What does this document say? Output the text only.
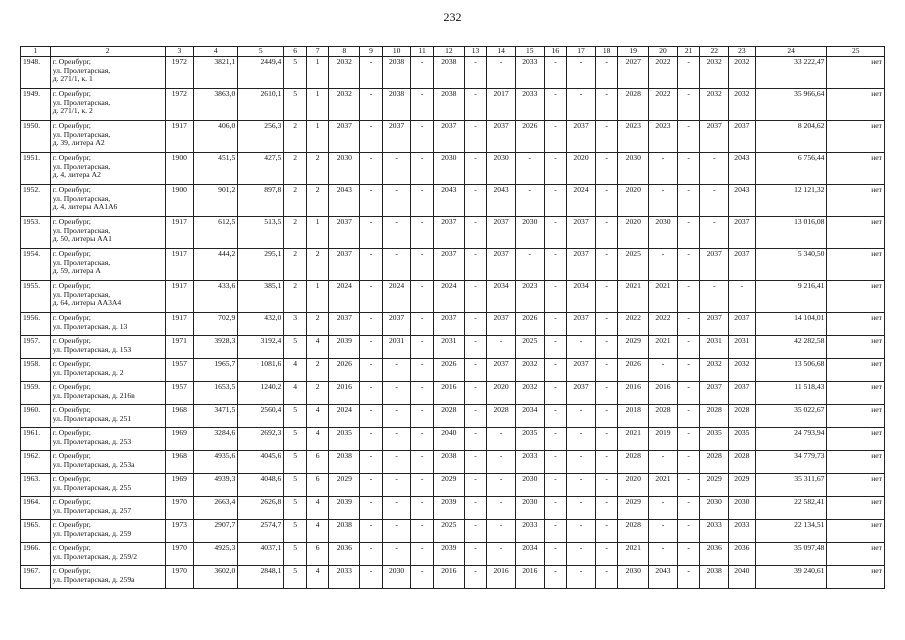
232
1	2	3	4	5	6	7	8	9	10	11	12	13	14	15	16	17	18	19	20	21	22	23	24	25
1948.	г. Оренбург,
ул. Пролетарская,
д. 271/1, к. 1	1972	3821,1	2449,4	5	1	2032	-	2038	-	2038	-	-	2033	-	-	-	2027	2022	-	2032	2032	33 222,47	нет
1949.	г. Оренбург,
ул. Пролетарская,
д. 271/1, к. 2	1972	3863,0	2610,1	5	1	2032	-	2038	-	2038	-	2017	2033	-	-	-	2028	2022	-	2032	2032	35 966,64	нет
1950.	г. Оренбург,
ул. Пролетарская,
д. 39, литера А2	1917	406,0	256,3	2	1	2037	-	2037	-	2037	-	2037	2026	-	2037	-	2023	2023	-	2037	2037	8 204,62	нет
1951.	г. Оренбург,
ул. Пролетарская,
д. 4, литера А2	1900	451,5	427,5	2	2	2030	-	-	-	2030	-	2030	-	-	2020	-	2030	-	-	-	2043	6 756,44	нет
1952.	г. Оренбург,
ул. Пролетарская,
д. 4, литеры АА1А6	1900	901,2	897,8	2	2	2043	-	-	-	2043	-	2043	-	-	2024	-	2020	-	-	-	2043	12 121,32	нет
1953.	г. Оренбург,
ул. Пролетарская,
д. 50, литеры АА1	1917	612,5	513,5	2	1	2037	-	-	-	2037	-	2037	2030	-	2037	-	2020	2030	-	-	2037	13 016,08	нет
1954.	г. Оренбург,
ул. Пролетарская,
д. 59, литера А	1917	444,2	295,1	2	2	2037	-	-	-	2037	-	2037	-	-	2037	-	2025	-	-	2037	2037	5 340,50	нет
1955.	г. Оренбург,
ул. Пролетарская,
д. 64, литеры АА3А4	1917	433,6	385,1	2	1	2024	-	2024	-	2024	-	2034	2023	-	2034	-	2021	2021	-	-	-	9 216,41	нет
1956.	г. Оренбург,
ул. Пролетарская, д. 13	1917	702,9	432,0	3	2	2037	-	2037	-	2037	-	2037	2026	-	2037	-	2022	2022	-	2037	2037	14 104,01	нет
1957.	г. Оренбург,
ул. Пролетарская, д. 153	1971	3928,3	3192,4	5	4	2039	-	2031	-	2031	-	-	2025	-	-	-	2029	2021	-	2031	2031	42 282,58	нет
1958.	г. Оренбург,
ул. Пролетарская, д. 2	1957	1965,7	1081,6	4	2	2026	-	-	-	2026	-	2037	2032	-	2037	-	2026	-	-	2032	2032	13 506,68	нет
1959.	г. Оренбург,
ул. Пролетарская, д. 216в	1957	1653,5	1240,2	4	2	2016	-	-	-	2016	-	2020	2032	-	2037	-	2016	2016	-	2037	2037	11 518,43	нет
1960.	г. Оренбург,
ул. Пролетарская, д. 251	1968	3471,5	2560,4	5	4	2024	-	-	-	2028	-	2028	2034	-	-	-	2018	2028	-	2028	2028	35 022,67	нет
1961.	г. Оренбург,
ул. Пролетарская, д. 253	1969	3284,6	2692,3	5	4	2035	-	-	-	2040	-	-	2035	-	-	-	2021	2019	-	2035	2035	24 793,94	нет
1962.	г. Оренбург,
ул. Пролетарская, д. 253а	1968	4935,6	4045,6	5	6	2038	-	-	-	2038	-	-	2033	-	-	-	2028	-	-	2028	2028	34 779,73	нет
1963.	г. Оренбург,
ул. Пролетарская, д. 255	1969	4939,3	4048,6	5	6	2029	-	-	-	2029	-	-	2030	-	-	-	2020	2021	-	2029	2029	35 311,67	нет
1964.	г. Оренбург,
ул. Пролетарская, д. 257	1970	2663,4	2626,8	5	4	2039	-	-	-	2039	-	-	2030	-	-	-	2029	-	-	2030	2030	22 582,41	нет
1965.	г. Оренбург,
ул. Пролетарская, д. 259	1973	2907,7	2574,7	5	4	2038	-	-	-	2025	-	-	2033	-	-	-	2028	-	-	2033	2033	22 134,51	нет
1966.	г. Оренбург,
ул. Пролетарская, д. 259/2	1970	4925,3	4037,1	5	6	2036	-	-	-	2039	-	-	2034	-	-	-	2021	-	-	2036	2036	35 097,48	нет
1967.	г. Оренбург,
ул. Пролетарская, д. 259а	1970	3602,0	2848,1	5	4	2033	-	2030	-	2016	-	2016	2016	-	-	-	2030	2043	-	2038	2040	39 240,61	нет
